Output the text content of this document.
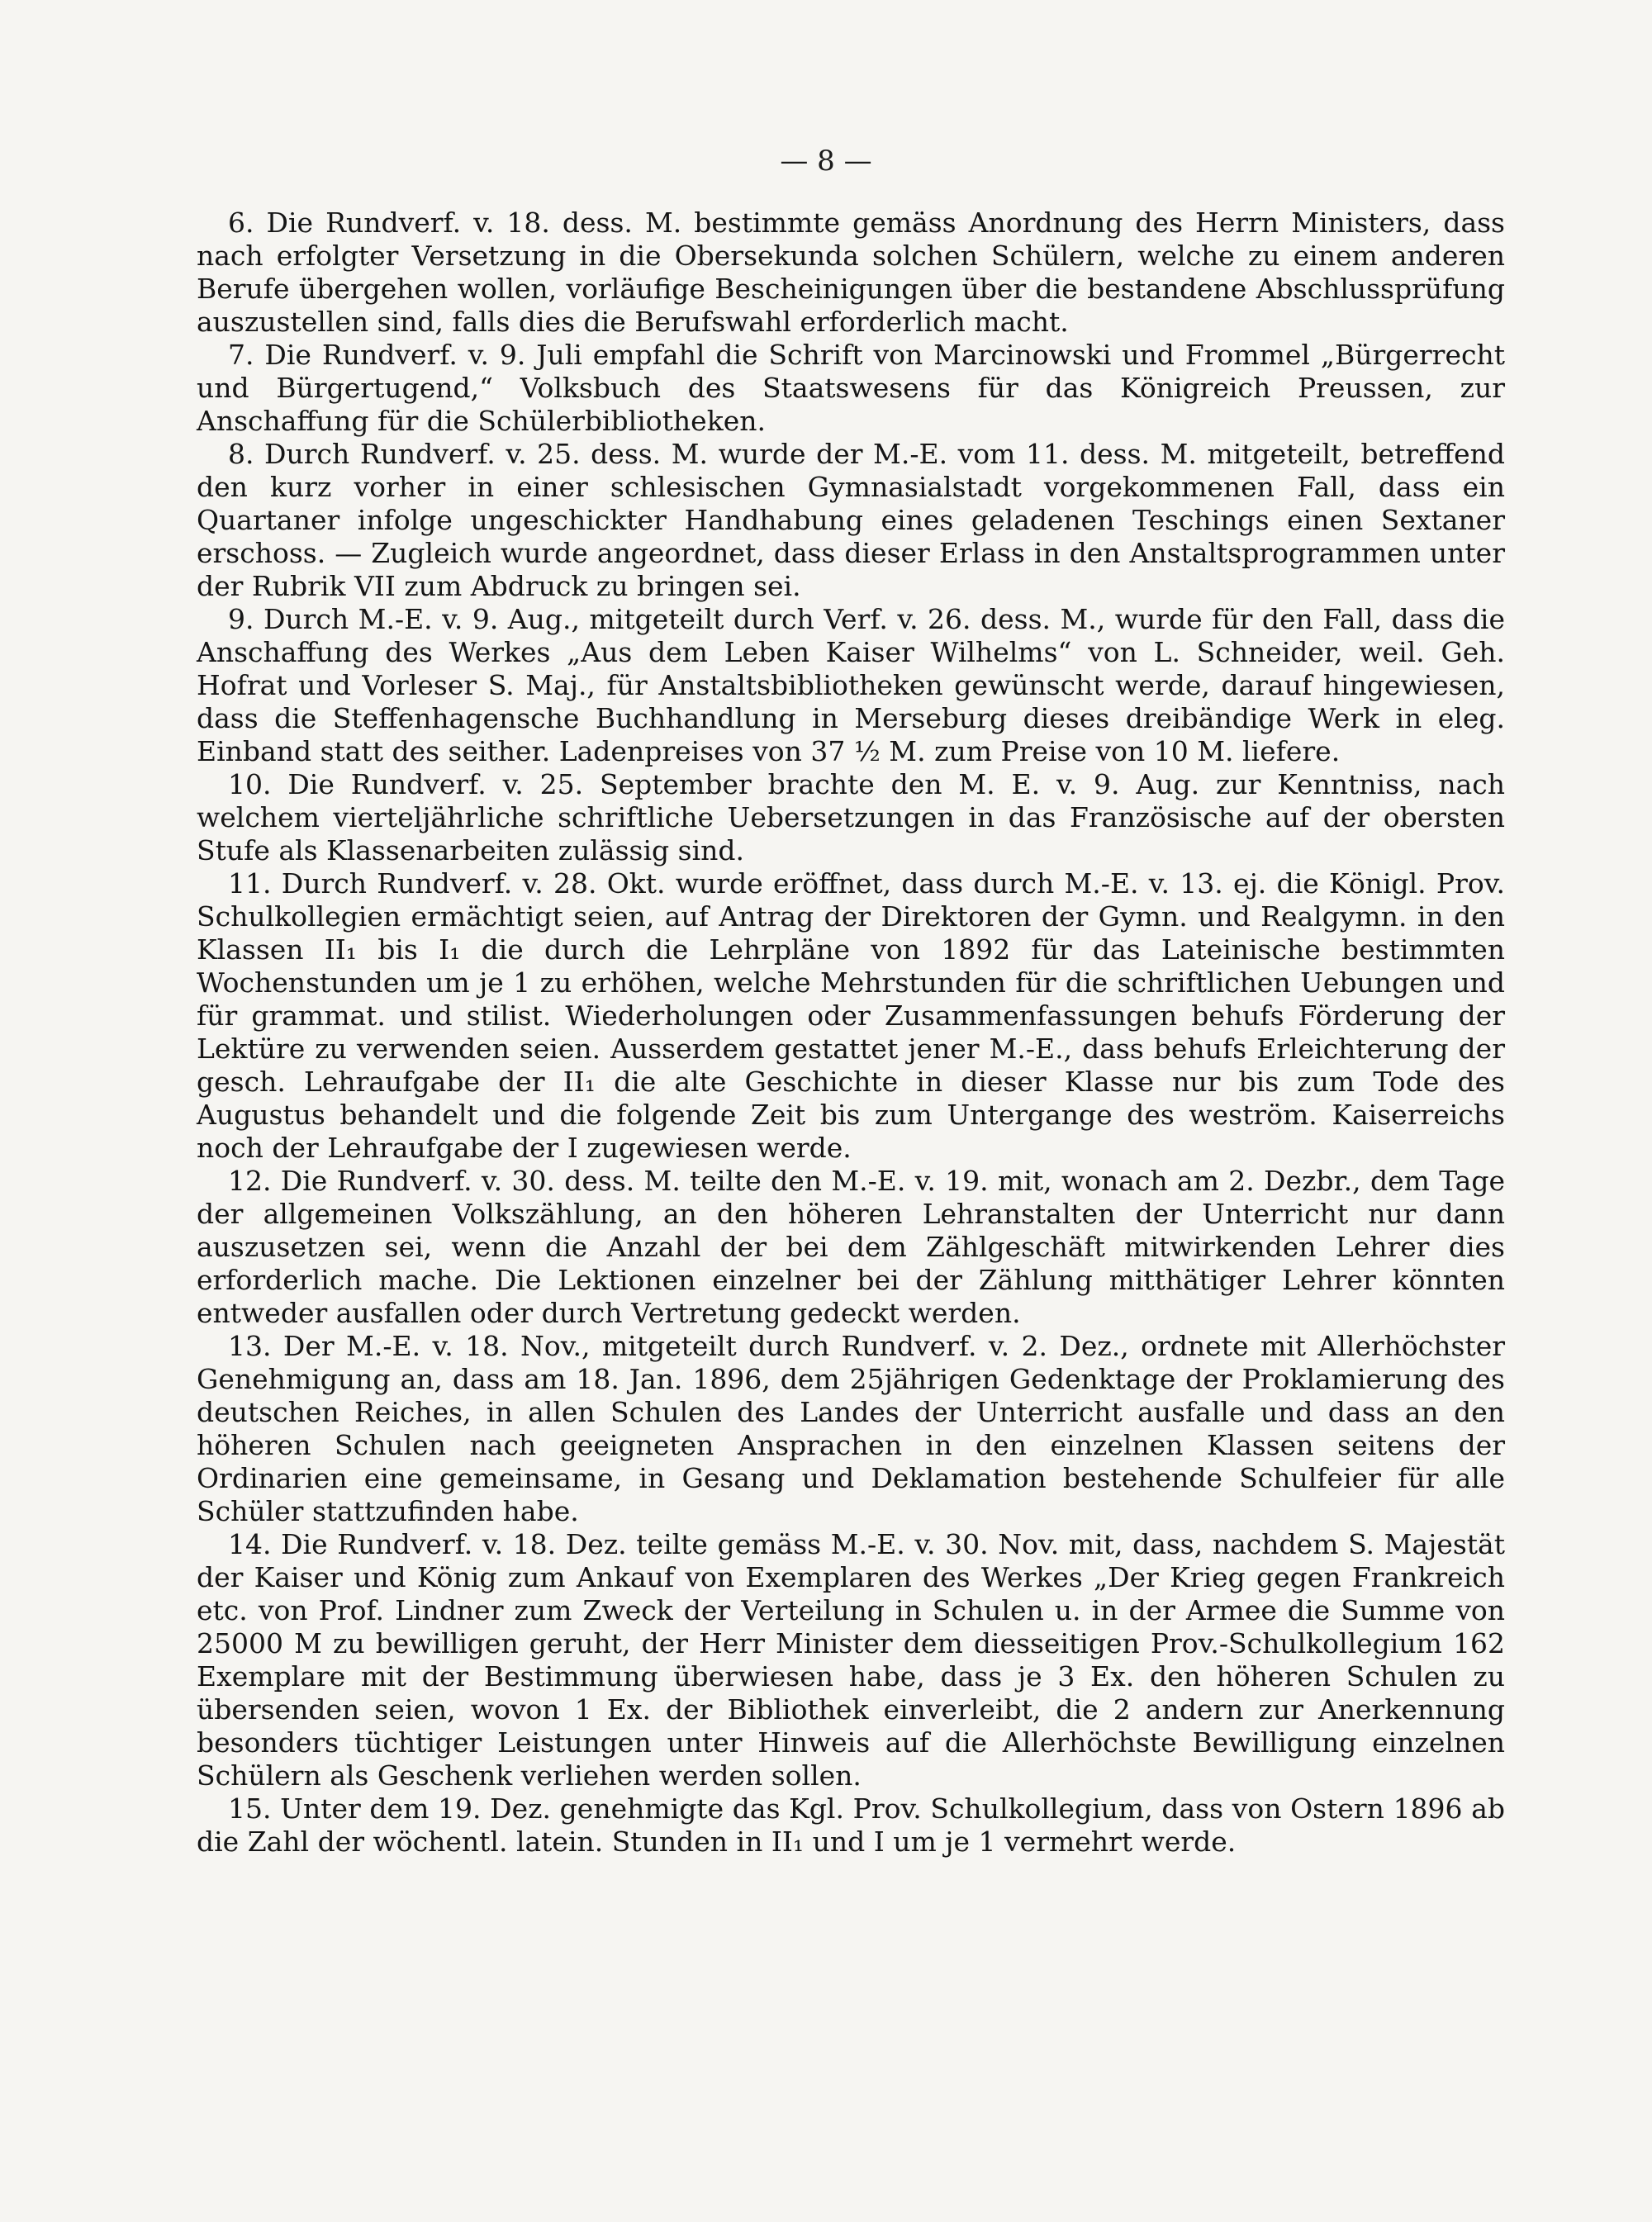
— 8 —

6. Die Rundverf. v. 18. dess. M. bestimmte gemäss Anordnung des Herrn Ministers, dass nach erfolgter Versetzung in die Obersekunda solchen Schülern, welche zu einem anderen Berufe übergehen wollen, vorläufige Bescheinigungen über die bestandene Abschlussprüfung auszustellen sind, falls dies die Berufswahl erforderlich macht.

7. Die Rundverf. v. 9. Juli empfahl die Schrift von Marcinowski und Frommel „Bürgerrecht und Bürgertugend,“ Volksbuch des Staatswesens für das Königreich Preussen, zur Anschaffung für die Schülerbibliotheken.

8. Durch Rundverf. v. 25. dess. M. wurde der M.-E. vom 11. dess. M. mitgeteilt, betreffend den kurz vorher in einer schlesischen Gymnasialstadt vorgekommenen Fall, dass ein Quartaner infolge ungeschickter Handhabung eines geladenen Teschings einen Sextaner erschoss. — Zugleich wurde angeordnet, dass dieser Erlass in den Anstaltsprogrammen unter der Rubrik VII zum Abdruck zu bringen sei.

9. Durch M.-E. v. 9. Aug., mitgeteilt durch Verf. v. 26. dess. M., wurde für den Fall, dass die Anschaffung des Werkes „Aus dem Leben Kaiser Wilhelms“ von L. Schneider, weil. Geh. Hofrat und Vorleser S. Maj., für Anstaltsbibliotheken gewünscht werde, darauf hingewiesen, dass die Steffenhagensche Buchhandlung in Merseburg dieses dreibändige Werk in eleg. Einband statt des seither. Ladenpreises von 37 ½ M. zum Preise von 10 M. liefere.

10. Die Rundverf. v. 25. September brachte den M. E. v. 9. Aug. zur Kenntniss, nach welchem vierteljährliche schriftliche Uebersetzungen in das Französische auf der obersten Stufe als Klassenarbeiten zulässig sind.

11. Durch Rundverf. v. 28. Okt. wurde eröffnet, dass durch M.-E. v. 13. ej. die Königl. Prov. Schulkollegien ermächtigt seien, auf Antrag der Direktoren der Gymn. und Realgymn. in den Klassen II₁ bis I₁ die durch die Lehrpläne von 1892 für das Lateinische bestimmten Wochenstunden um je 1 zu erhöhen, welche Mehrstunden für die schriftlichen Uebungen und für grammat. und stilist. Wiederholungen oder Zusammenfassungen behufs Förderung der Lektüre zu verwenden seien. Ausserdem gestattet jener M.-E., dass behufs Erleichterung der gesch. Lehraufgabe der II₁ die alte Geschichte in dieser Klasse nur bis zum Tode des Augustus behandelt und die folgende Zeit bis zum Untergange des weström. Kaiserreichs noch der Lehraufgabe der I zugewiesen werde.

12. Die Rundverf. v. 30. dess. M. teilte den M.-E. v. 19. mit, wonach am 2. Dezbr., dem Tage der allgemeinen Volkszählung, an den höheren Lehranstalten der Unterricht nur dann auszusetzen sei, wenn die Anzahl der bei dem Zählgeschäft mitwirkenden Lehrer dies erforderlich mache. Die Lektionen einzelner bei der Zählung mitthätiger Lehrer könnten entweder ausfallen oder durch Vertretung gedeckt werden.

13. Der M.-E. v. 18. Nov., mitgeteilt durch Rundverf. v. 2. Dez., ordnete mit Allerhöchster Genehmigung an, dass am 18. Jan. 1896, dem 25jährigen Gedenktage der Proklamierung des deutschen Reiches, in allen Schulen des Landes der Unterricht ausfalle und dass an den höheren Schulen nach geeigneten Ansprachen in den einzelnen Klassen seitens der Ordinarien eine gemeinsame, in Gesang und Deklamation bestehende Schulfeier für alle Schüler stattzufinden habe.

14. Die Rundverf. v. 18. Dez. teilte gemäss M.-E. v. 30. Nov. mit, dass, nachdem S. Majestät der Kaiser und König zum Ankauf von Exemplaren des Werkes „Der Krieg gegen Frankreich etc. von Prof. Lindner zum Zweck der Verteilung in Schulen u. in der Armee die Summe von 25000 M zu bewilligen geruht, der Herr Minister dem diesseitigen Prov.-Schulkollegium 162 Exemplare mit der Bestimmung überwiesen habe, dass je 3 Ex. den höheren Schulen zu übersenden seien, wovon 1 Ex. der Bibliothek einverleibt, die 2 andern zur Anerkennung besonders tüchtiger Leistungen unter Hinweis auf die Allerhöchste Bewilligung einzelnen Schülern als Geschenk verliehen werden sollen.

15. Unter dem 19. Dez. genehmigte das Kgl. Prov. Schulkollegium, dass von Ostern 1896 ab die Zahl der wöchentl. latein. Stunden in II₁ und I um je 1 vermehrt werde.
